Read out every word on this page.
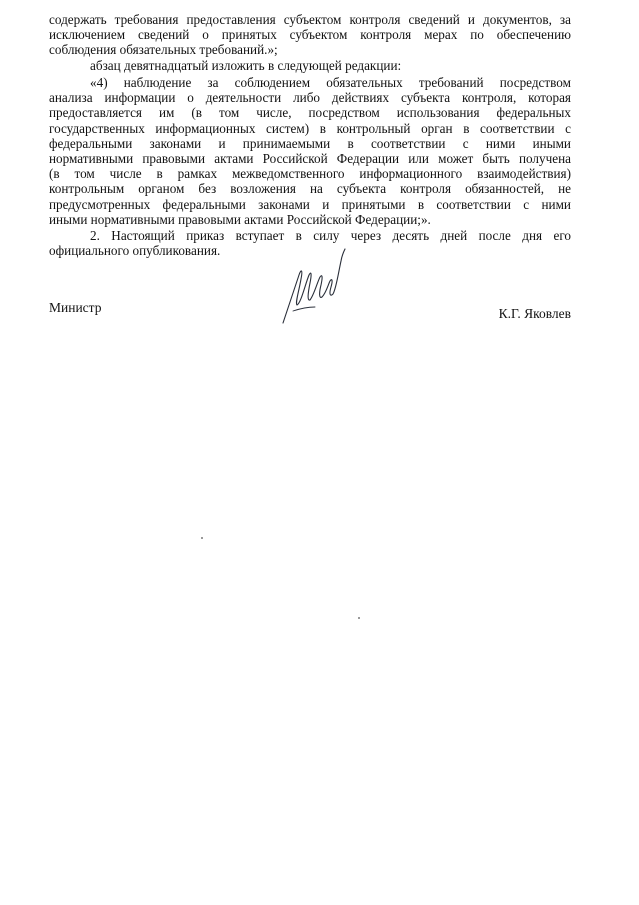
содержать требования предоставления субъектом контроля сведений и документов, за
исключением сведений о принятых субъектом контроля мерах по обеспечению
соблюдения обязательных требований.»;
абзац девятнадцатый изложить в следующей редакции:
«4) наблюдение за соблюдением обязательных требований посредством
анализа информации о деятельности либо действиях субъекта контроля, которая
предоставляется им (в том числе, посредством использования федеральных
государственных информационных систем) в контрольный орган в соответствии с
федеральными законами и принимаемыми в соответствии с ними иными
нормативными правовыми актами Российской Федерации или может быть получена
(в том числе в рамках межведомственного информационного взаимодействия)
контрольным органом без возложения на субъекта контроля обязанностей, не
предусмотренных федеральными законами и принятыми в соответствии с ними
иными нормативными правовыми актами Российской Федерации;».
2. Настоящий приказ вступает в силу через десять дней после дня его
официального опубликования.
Министр	К.Г. Яковлев
